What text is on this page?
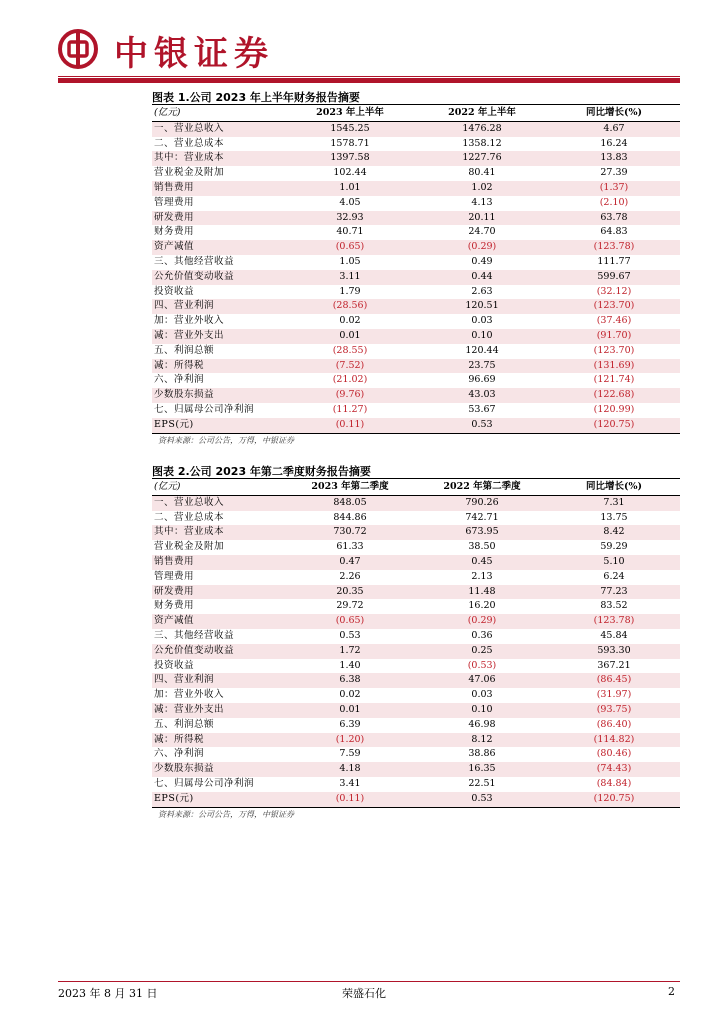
中银证券
图表 1.公司 2023 年上半年财务报告摘要
(亿元)	2023 年上半年	2022 年上半年	同比增长(%)
一、营业总收入	1545.25	1476.28	4.67
二、营业总成本	1578.71	1358.12	16.24
其中：营业成本	1397.58	1227.76	13.83
营业税金及附加	102.44	80.41	27.39
销售费用	1.01	1.02	(1.37)
管理费用	4.05	4.13	(2.10)
研发费用	32.93	20.11	63.78
财务费用	40.71	24.70	64.83
资产减值	(0.65)	(0.29)	(123.78)
三、其他经营收益	1.05	0.49	111.77
公允价值变动收益	3.11	0.44	599.67
投资收益	1.79	2.63	(32.12)
四、营业利润	(28.56)	120.51	(123.70)
加：营业外收入	0.02	0.03	(37.46)
减：营业外支出	0.01	0.10	(91.70)
五、利润总额	(28.55)	120.44	(123.70)
减：所得税	(7.52)	23.75	(131.69)
六、净利润	(21.02)	96.69	(121.74)
少数股东损益	(9.76)	43.03	(122.68)
七、归属母公司净利润	(11.27)	53.67	(120.99)
EPS(元)	(0.11)	0.53	(120.75)
资料来源：公司公告，万得，中银证券
图表 2.公司 2023 年第二季度财务报告摘要
(亿元)	2023 年第二季度	2022 年第二季度	同比增长(%)
一、营业总收入	848.05	790.26	7.31
二、营业总成本	844.86	742.71	13.75
其中：营业成本	730.72	673.95	8.42
营业税金及附加	61.33	38.50	59.29
销售费用	0.47	0.45	5.10
管理费用	2.26	2.13	6.24
研发费用	20.35	11.48	77.23
财务费用	29.72	16.20	83.52
资产减值	(0.65)	(0.29)	(123.78)
三、其他经营收益	0.53	0.36	45.84
公允价值变动收益	1.72	0.25	593.30
投资收益	1.40	(0.53)	367.21
四、营业利润	6.38	47.06	(86.45)
加：营业外收入	0.02	0.03	(31.97)
减：营业外支出	0.01	0.10	(93.75)
五、利润总额	6.39	46.98	(86.40)
减：所得税	(1.20)	8.12	(114.82)
六、净利润	7.59	38.86	(80.46)
少数股东损益	4.18	16.35	(74.43)
七、归属母公司净利润	3.41	22.51	(84.84)
EPS(元)	(0.11)	0.53	(120.75)
资料来源：公司公告，万得，中银证券
2023 年 8 月 31 日	荣盛石化	2
